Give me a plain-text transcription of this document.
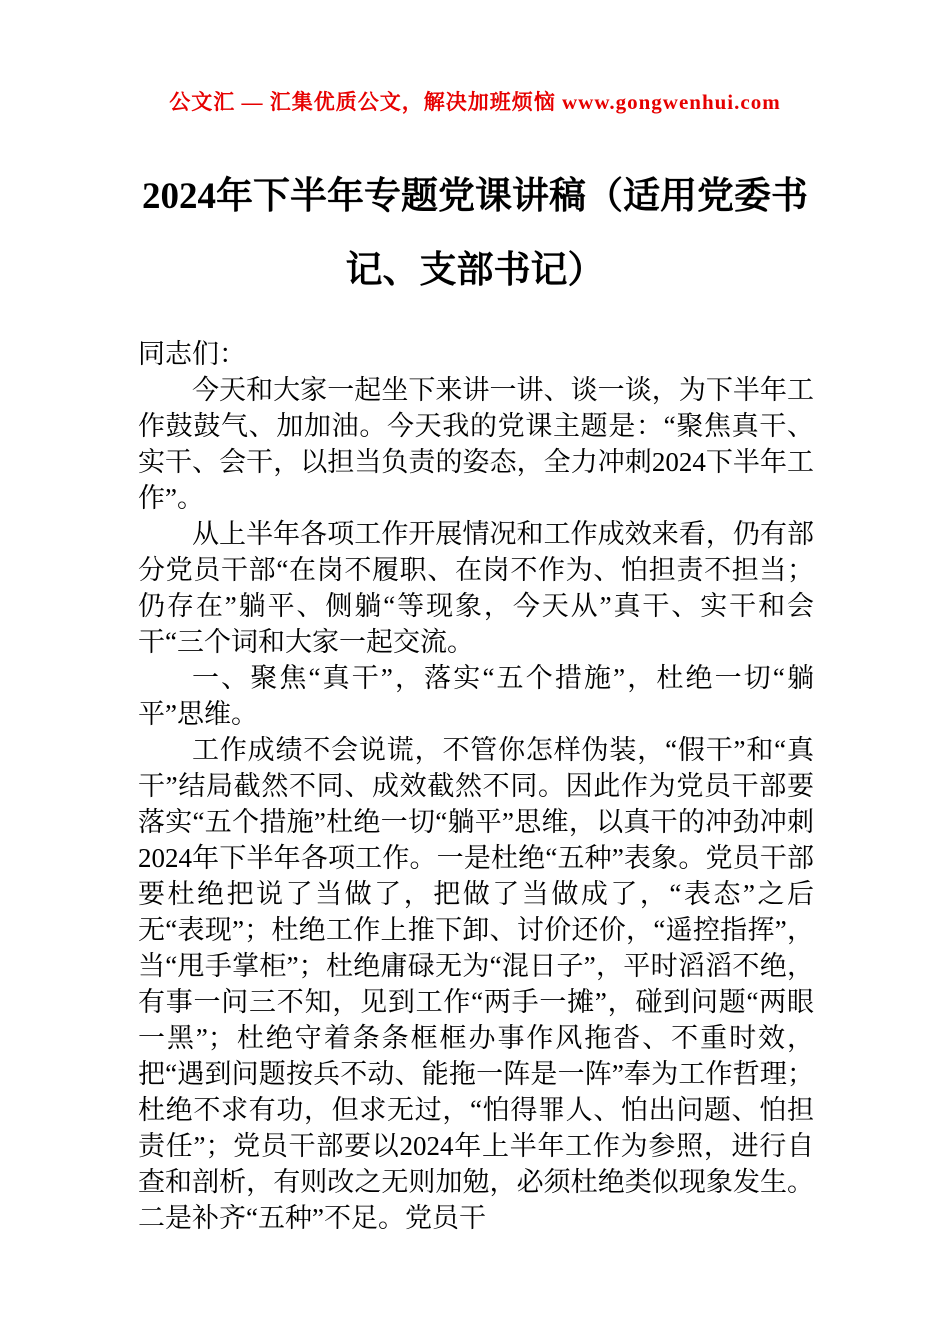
公文汇 — 汇集优质公文，解决加班烦恼 www.gongwenhui.com
2024年下半年专题党课讲稿（适用党委书
记、支部书记）

同志们：

今天和大家一起坐下来讲一讲、谈一谈，为下半年工作鼓鼓气、加加油。今天我的党课主题是：“聚焦真干、实干、会干，以担当负责的姿态，全力冲刺2024下半年工作”。

从上半年各项工作开展情况和工作成效来看，仍有部分党员干部“在岗不履职、在岗不作为、怕担责不担当；仍存在”躺平、侧躺“等现象，今天从”真干、实干和会干“三个词和大家一起交流。

一、聚焦“真干”，落实“五个措施”，杜绝一切“躺平”思维。

工作成绩不会说谎，不管你怎样伪装，“假干”和“真干”结局截然不同、成效截然不同。因此作为党员干部要落实“五个措施”杜绝一切“躺平”思维，以真干的冲劲冲刺2024年下半年各项工作。一是杜绝“五种”表象。党员干部要杜绝把说了当做了，把做了当做成了，“表态”之后无“表现”；杜绝工作上推下卸、讨价还价，“遥控指挥”，当“甩手掌柜”；杜绝庸碌无为“混日子”，平时滔滔不绝，有事一问三不知，见到工作“两手一摊”，碰到问题“两眼一黑”；杜绝守着条条框框办事作风拖沓、不重时效，把“遇到问题按兵不动、能拖一阵是一阵”奉为工作哲理；杜绝不求有功，但求无过，“怕得罪人、怕出问题、怕担责任”；党员干部要以2024年上半年工作为参照，进行自查和剖析，有则改之无则加勉，必须杜绝类似现象发生。二是补齐“五种”不足。党员干
